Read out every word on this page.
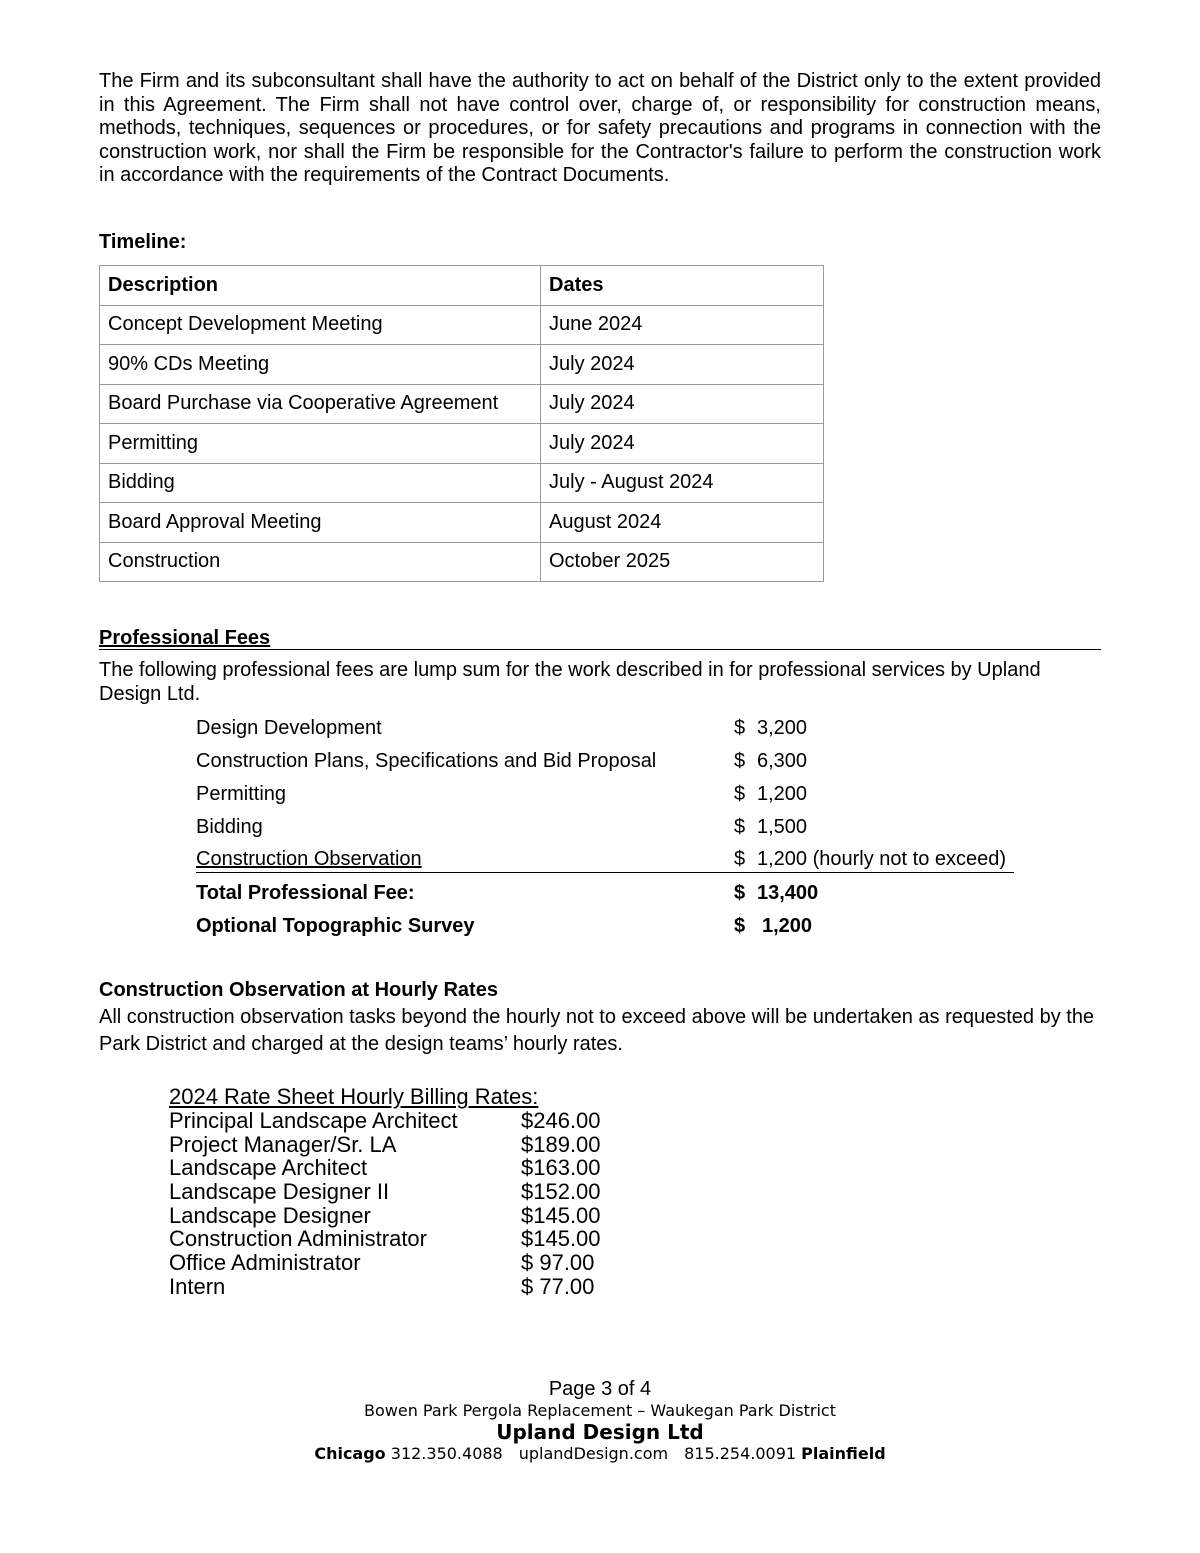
The Firm and its subconsultant shall have the authority to act on behalf of the District only to the extent provided in this Agreement. The Firm shall not have control over, charge of, or responsibility for construction means, methods, techniques, sequences or procedures, or for safety precautions and programs in connection with the construction work, nor shall the Firm be responsible for the Contractor's failure to perform the construction work in accordance with the requirements of the Contract Documents.

Timeline:
Description	Dates
Concept Development Meeting	June 2024
90% CDs Meeting	July 2024
Board Purchase via Cooperative Agreement	July 2024
Permitting	July 2024
Bidding	July - August 2024
Board Approval Meeting	August 2024
Construction	October 2025
Professional Fees

The following professional fees are lump sum for the work described in for professional services by Upland Design Ltd.

Design Development	$ 3,200
Construction Plans, Specifications and Bid Proposal	$ 6,300
Permitting	$ 1,200
Bidding	$ 1,500
Construction Observation	$ 1,200 (hourly not to exceed)
Total Professional Fee:	$ 13,400
Optional Topographic Survey	$ 1,200
Construction Observation at Hourly Rates

All construction observation tasks beyond the hourly not to exceed above will be undertaken as requested by the Park District and charged at the design teams’ hourly rates.

2024 Rate Sheet Hourly Billing Rates:
Principal Landscape Architect	$246.00
Project Manager/Sr. LA	$189.00
Landscape Architect	$163.00
Landscape Designer II	$152.00
Landscape Designer	$145.00
Construction Administrator	$145.00
Office Administrator	$ 97.00
Intern	$ 77.00
Page 3 of 4
Bowen Park Pergola Replacement – Waukegan Park District
Upland Design Ltd
Chicago 312.350.4088 uplandDesign.com 815.254.0091 Plainfield
